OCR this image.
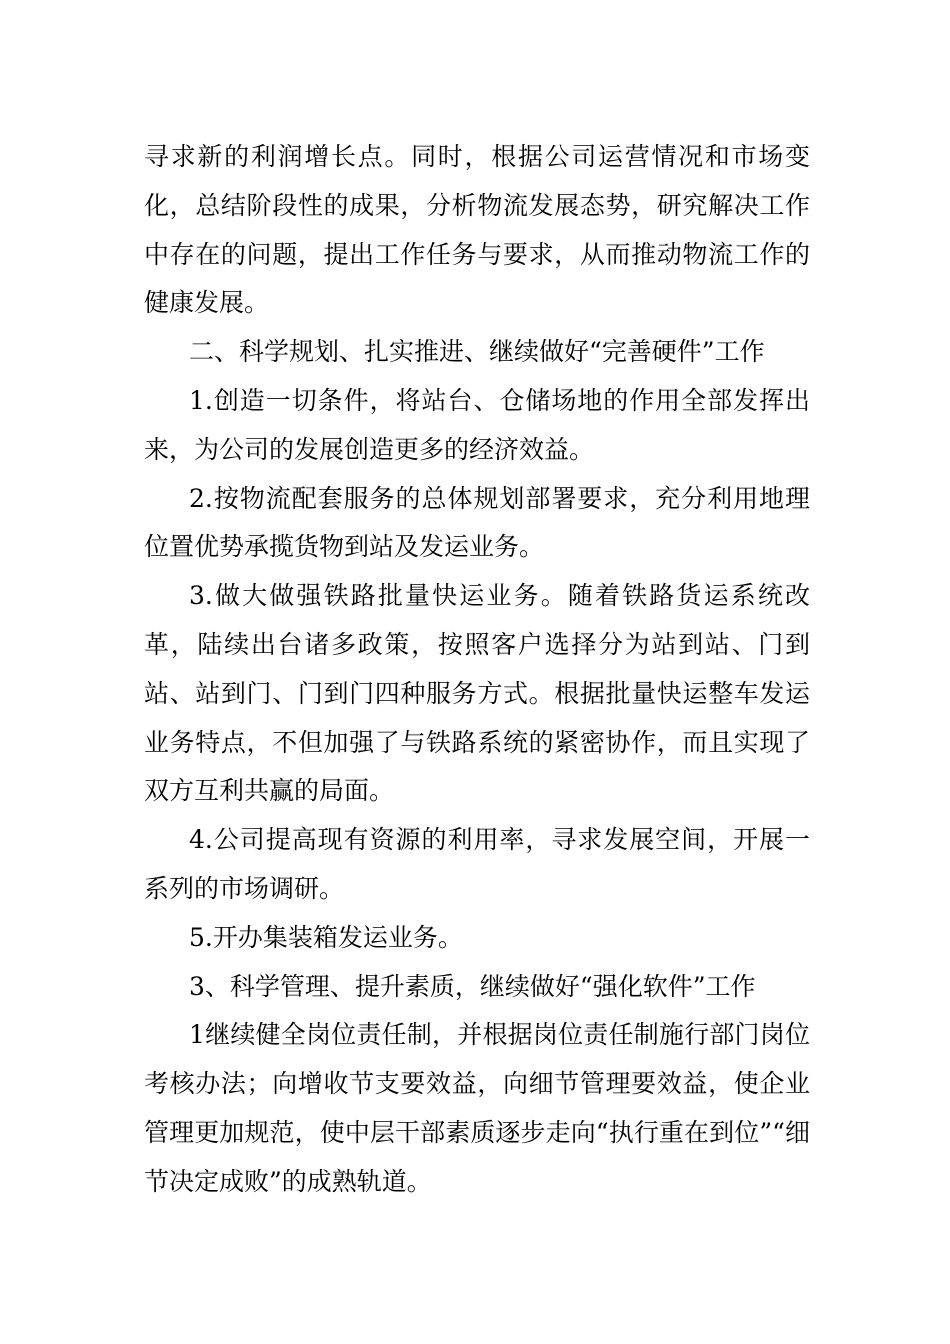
寻求新的利润增长点。同时，根据公司运营情况和市场变化，总结阶段性的成果，分析物流发展态势，研究解决工作中存在的问题，提出工作任务与要求，从而推动物流工作的健康发展。

二、科学规划、扎实推进、继续做好“完善硬件”工作

1.创造一切条件，将站台、仓储场地的作用全部发挥出来，为公司的发展创造更多的经济效益。

2.按物流配套服务的总体规划部署要求，充分利用地理位置优势承揽货物到站及发运业务。

3.做大做强铁路批量快运业务。随着铁路货运系统改革，陆续出台诸多政策，按照客户选择分为站到站、门到站、站到门、门到门四种服务方式。根据批量快运整车发运业务特点，不但加强了与铁路系统的紧密协作，而且实现了双方互利共赢的局面。

4.公司提高现有资源的利用率，寻求发展空间，开展一系列的市场调研。

5.开办集装箱发运业务。

3、科学管理、提升素质，继续做好“强化软件”工作

1继续健全岗位责任制，并根据岗位责任制施行部门岗位考核办法；向增收节支要效益，向细节管理要效益，使企业管理更加规范，使中层干部素质逐步走向“执行重在到位”“细节决定成败”的成熟轨道。
